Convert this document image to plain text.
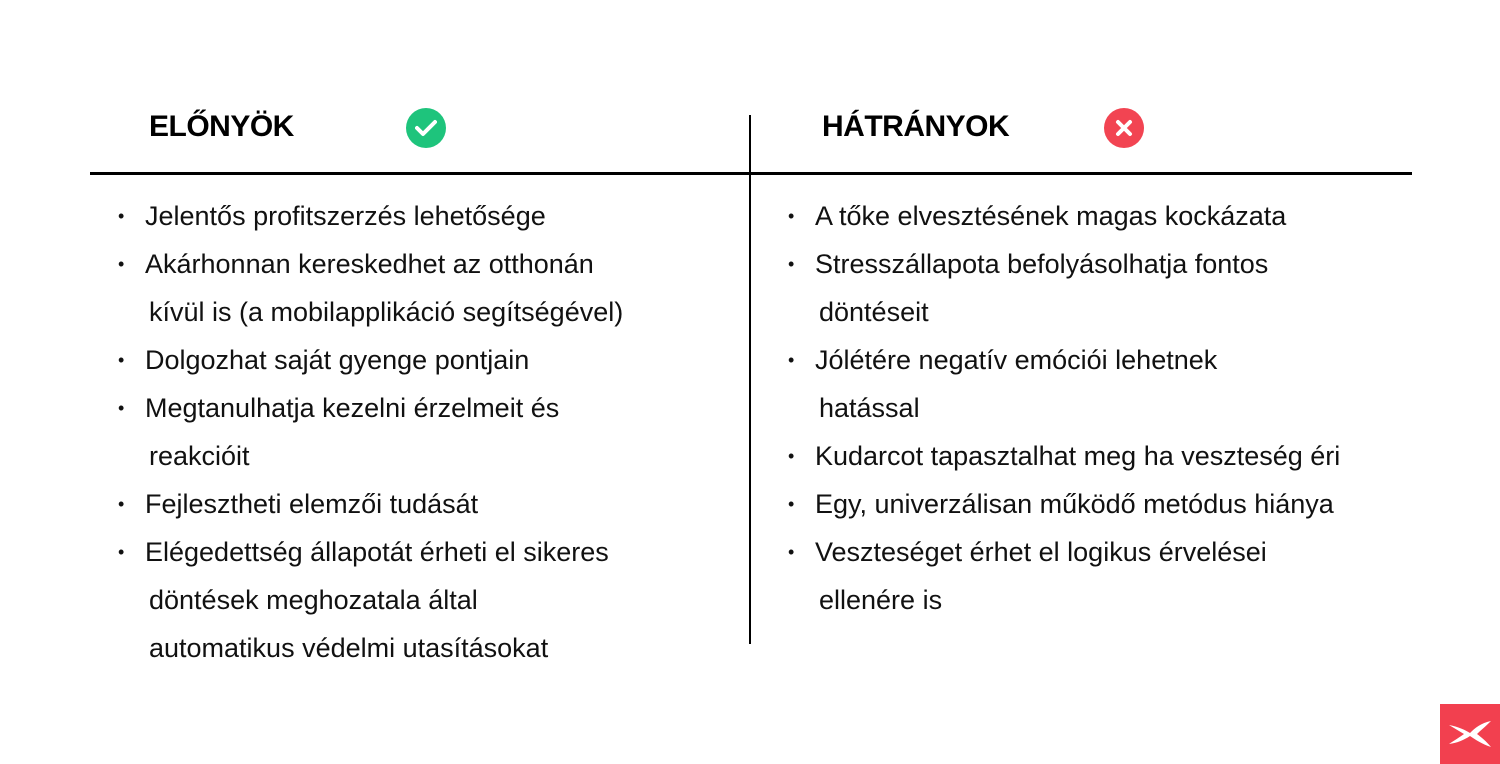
ELŐNYÖK	HÁTRÁNYOK
• Jelentős profitszerzés lehetősége
• Akárhonnan kereskedhet az otthonán
kívül is (a mobilapplikáció segítségével)
• Dolgozhat saját gyenge pontjain
• Megtanulhatja kezelni érzelmeit és
reakcióit
• Fejlesztheti elemzői tudását
• Elégedettség állapotát érheti el sikeres
döntések meghozatala által
automatikus védelmi utasításokat
• A tőke elvesztésének magas kockázata
• Stresszállapota befolyásolhatja fontos
döntéseit
• Jólétére negatív emóciói lehetnek
hatással
• Kudarcot tapasztalhat meg ha veszteség éri
• Egy, univerzálisan működő metódus hiánya
• Veszteséget érhet el logikus érvelései
ellenére is
